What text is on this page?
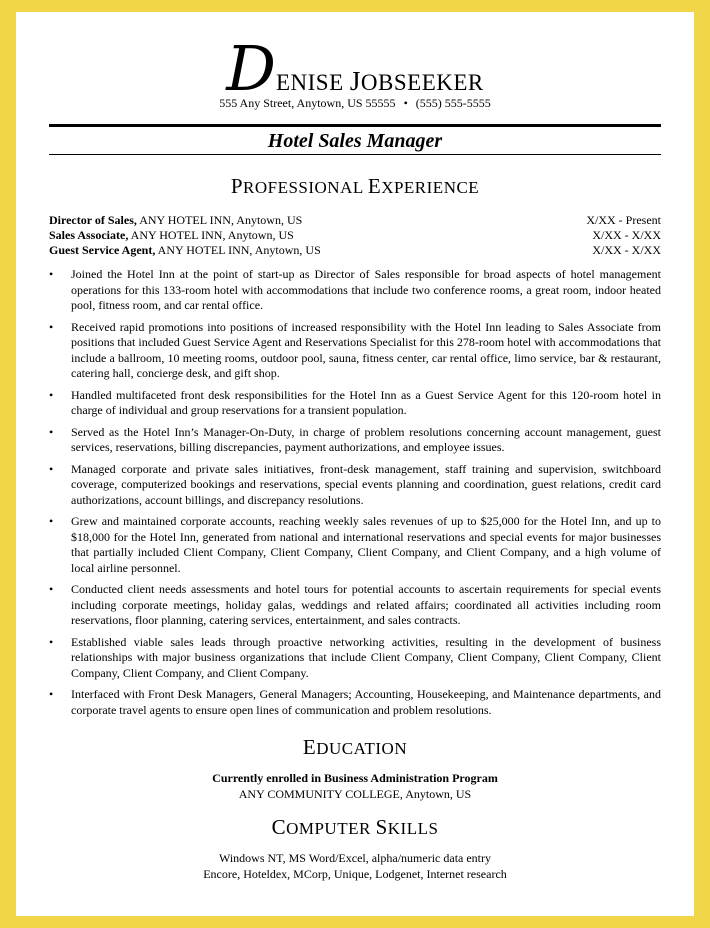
DENISE JOBSEEKER
555 Any Street, Anytown, US 55555 • (555) 555-5555
Hotel Sales Manager
PROFESSIONAL EXPERIENCE
Director of Sales, ANY HOTEL INN, Anytown, US	X/XX - Present
Sales Associate, ANY HOTEL INN, Anytown, US	X/XX - X/XX
Guest Service Agent, ANY HOTEL INN, Anytown, US	X/XX - X/XX
• Joined the Hotel Inn at the point of start-up as Director of Sales responsible for broad aspects of hotel management operations for this 133-room hotel with accommodations that include two conference rooms, a great room, indoor heated pool, fitness room, and car rental office.
• Received rapid promotions into positions of increased responsibility with the Hotel Inn leading to Sales Associate from positions that included Guest Service Agent and Reservations Specialist for this 278-room hotel with accommodations that include a ballroom, 10 meeting rooms, outdoor pool, sauna, fitness center, car rental office, limo service, bar & restaurant, catering hall, concierge desk, and gift shop.
• Handled multifaceted front desk responsibilities for the Hotel Inn as a Guest Service Agent for this 120-room hotel in charge of individual and group reservations for a transient population.
• Served as the Hotel Inn’s Manager-On-Duty, in charge of problem resolutions concerning account management, guest services, reservations, billing discrepancies, payment authorizations, and employee issues.
• Managed corporate and private sales initiatives, front-desk management, staff training and supervision, switchboard coverage, computerized bookings and reservations, special events planning and coordination, guest relations, credit card authorizations, account billings, and discrepancy resolutions.
• Grew and maintained corporate accounts, reaching weekly sales revenues of up to $25,000 for the Hotel Inn, and up to $18,000 for the Hotel Inn, generated from national and international reservations and special events for major businesses that partially included Client Company, Client Company, Client Company, and Client Company, and a high volume of local airline personnel.
• Conducted client needs assessments and hotel tours for potential accounts to ascertain requirements for special events including corporate meetings, holiday galas, weddings and related affairs; coordinated all activities including room reservations, floor planning, catering services, entertainment, and sales contracts.
• Established viable sales leads through proactive networking activities, resulting in the development of business relationships with major business organizations that include Client Company, Client Company, Client Company, Client Company, Client Company, and Client Company.
• Interfaced with Front Desk Managers, General Managers; Accounting, Housekeeping, and Maintenance departments, and corporate travel agents to ensure open lines of communication and problem resolutions.
EDUCATION
Currently enrolled in Business Administration Program
ANY COMMUNITY COLLEGE, Anytown, US
COMPUTER SKILLS
Windows NT, MS Word/Excel, alpha/numeric data entry
Encore, Hoteldex, MCorp, Unique, Lodgenet, Internet research
